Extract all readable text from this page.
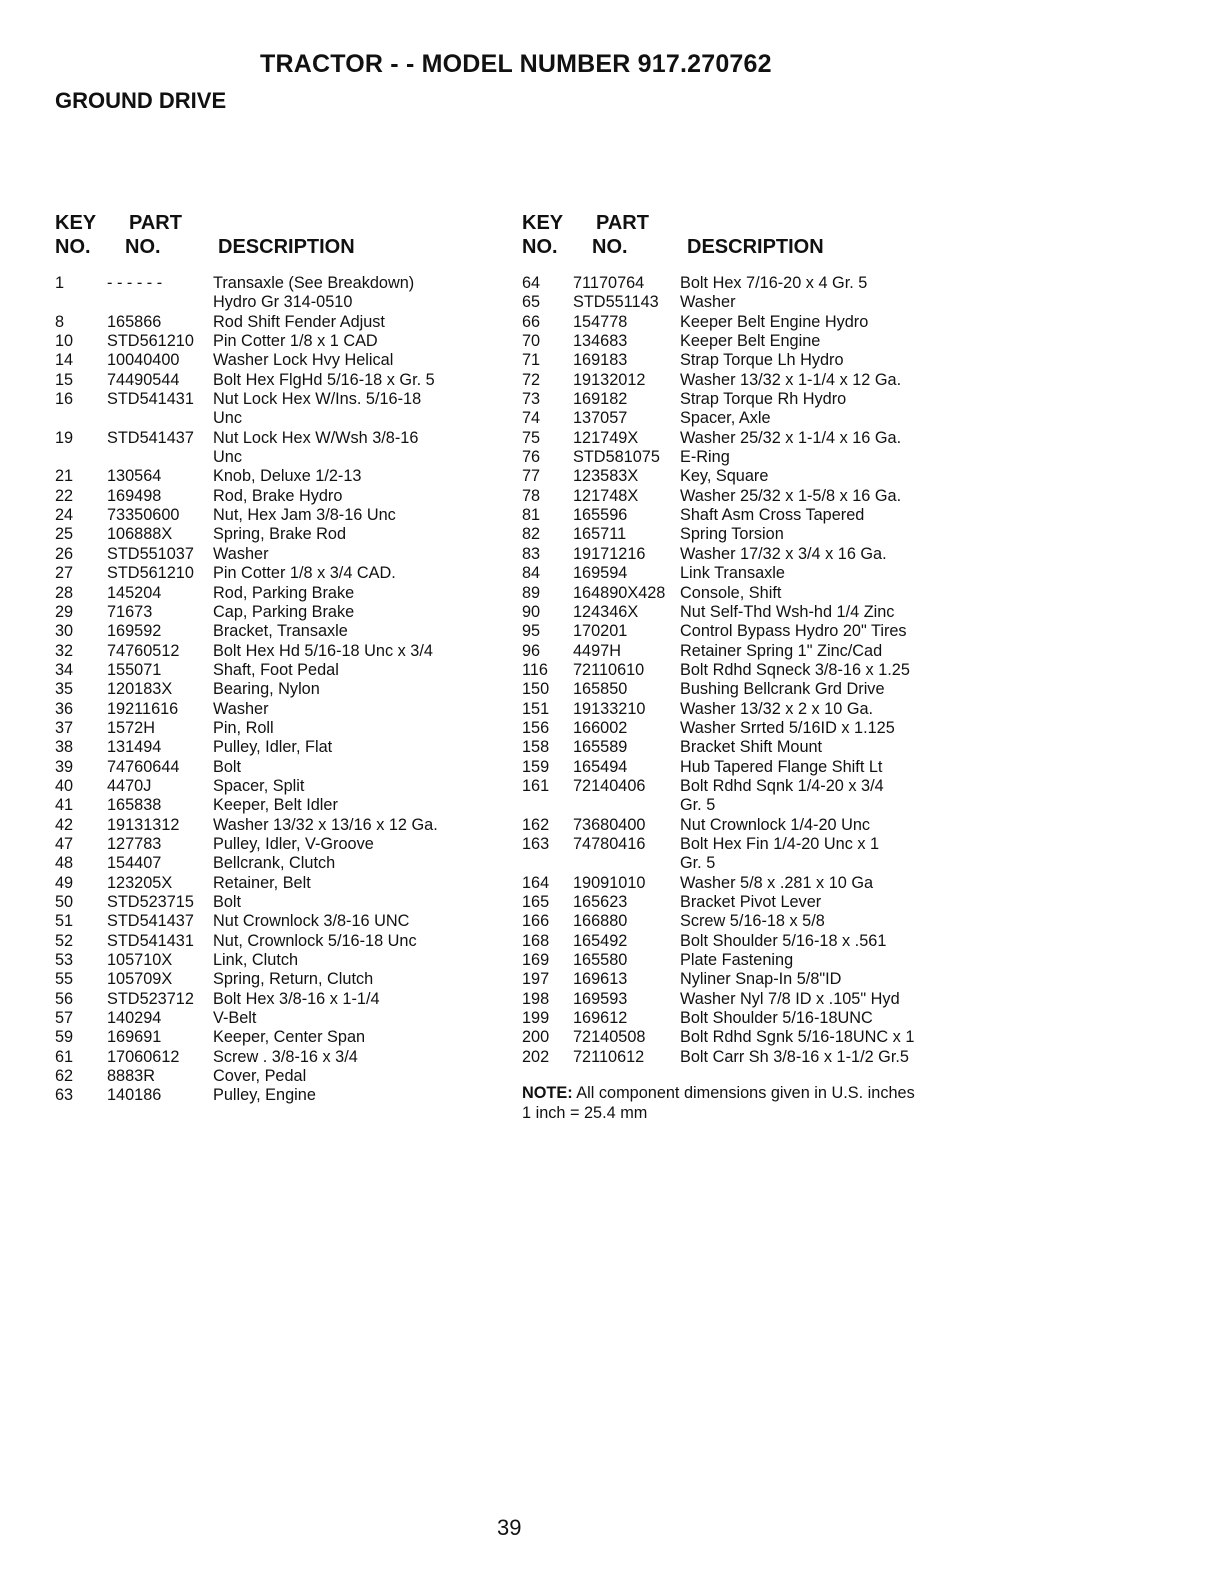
TRACTOR - - MODEL NUMBER 917.270762
GROUND DRIVE
KEY
NO.
PART
NO.	DESCRIPTION
1	- - - - - -	Transaxle (See Breakdown)
Hydro Gr 314-0510
8	165866	Rod Shift Fender Adjust
10	STD561210	Pin Cotter 1/8 x 1 CAD
14	10040400	Washer Lock Hvy Helical
15	74490544	Bolt Hex FlgHd 5/16-18 x Gr. 5
16	STD541431	Nut Lock Hex W/Ins. 5/16-18
Unc
19	STD541437	Nut Lock Hex W/Wsh 3/8-16
Unc
21	130564	Knob, Deluxe 1/2-13
22	169498	Rod, Brake Hydro
24	73350600	Nut, Hex Jam 3/8-16 Unc
25	106888X	Spring, Brake Rod
26	STD551037	Washer
27	STD561210	Pin Cotter 1/8 x 3/4 CAD.
28	145204	Rod, Parking Brake
29	71673	Cap, Parking Brake
30	169592	Bracket, Transaxle
32	74760512	Bolt Hex Hd 5/16-18 Unc x 3/4
34	155071	Shaft, Foot Pedal
35	120183X	Bearing, Nylon
36	19211616	Washer
37	1572H	Pin, Roll
38	131494	Pulley, Idler, Flat
39	74760644	Bolt
40	4470J	Spacer, Split
41	165838	Keeper, Belt Idler
42	19131312	Washer 13/32 x 13/16 x 12 Ga.
47	127783	Pulley, Idler, V-Groove
48	154407	Bellcrank, Clutch
49	123205X	Retainer, Belt
50	STD523715	Bolt
51	STD541437	Nut Crownlock 3/8-16 UNC
52	STD541431	Nut, Crownlock 5/16-18 Unc
53	105710X	Link, Clutch
55	105709X	Spring, Return, Clutch
56	STD523712	Bolt Hex 3/8-16 x 1-1/4
57	140294	V-Belt
59	169691	Keeper, Center Span
61	17060612	Screw . 3/8-16 x 3/4
62	8883R	Cover, Pedal
63	140186	Pulley, Engine
KEY
NO.
PART
NO.	DESCRIPTION
64	71170764	Bolt Hex 7/16-20 x 4 Gr. 5
65	STD551143	Washer
66	154778	Keeper Belt Engine Hydro
70	134683	Keeper Belt Engine
71	169183	Strap Torque Lh Hydro
72	19132012	Washer 13/32 x 1-1/4 x 12 Ga.
73	169182	Strap Torque Rh Hydro
74	137057	Spacer, Axle
75	121749X	Washer 25/32 x 1-1/4 x 16 Ga.
76	STD581075	E-Ring
77	123583X	Key, Square
78	121748X	Washer 25/32 x 1-5/8 x 16 Ga.
81	165596	Shaft Asm Cross Tapered
82	165711	Spring Torsion
83	19171216	Washer 17/32 x 3/4 x 16 Ga.
84	169594	Link Transaxle
89	164890X428 Console, Shift
90	124346X	Nut Self-Thd Wsh-hd 1/4 Zinc
95	170201	Control Bypass Hydro 20" Tires
96	4497H	Retainer Spring 1" Zinc/Cad
116	72110610	Bolt Rdhd Sqneck 3/8-16 x 1.25
150	165850	Bushing Bellcrank Grd Drive
151	19133210	Washer 13/32 x 2 x 10 Ga.
156	166002	Washer Srrted 5/16ID x 1.125
158	165589	Bracket Shift Mount
159	165494	Hub Tapered Flange Shift Lt
161	72140406	Bolt Rdhd Sqnk 1/4-20 x 3/4
Gr. 5
162	73680400	Nut Crownlock 1/4-20 Unc
163	74780416	Bolt Hex Fin 1/4-20 Unc x 1
Gr. 5
164	19091010	Washer 5/8 x .281 x 10 Ga
165	165623	Bracket Pivot Lever
166	166880	Screw 5/16-18 x 5/8
168	165492	Bolt Shoulder 5/16-18 x .561
169	165580	Plate Fastening
197	169613	Nyliner Snap-In 5/8"ID
198	169593	Washer Nyl 7/8 ID x .105" Hyd
199	169612	Bolt Shoulder 5/16-18UNC
200	72140508	Bolt Rdhd Sgnk 5/16-18UNC x 1
202	72110612	Bolt Carr Sh 3/8-16 x 1-1/2 Gr.5
NOTE: All component dimensions given in U.S. inches
1 inch = 25.4 mm
39
